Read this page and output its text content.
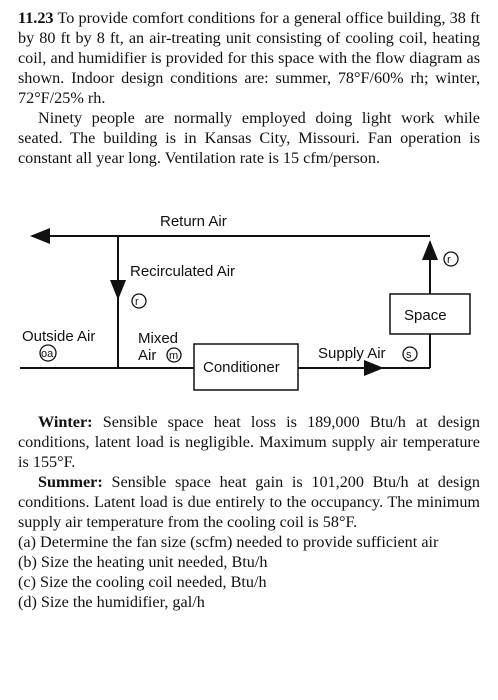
11.23 To provide comfort conditions for a general office building, 38 ft by 80 ft by 8 ft, an air-treating unit consisting of cooling coil, heating coil, and humidifier is provided for this space with the flow diagram as shown. Indoor design conditions are: summer, 78°F/60% rh; winter, 72°F/25% rh.

Ninety people are normally employed doing light work while seated. The building is in Kansas City, Missouri. Fan operation is constant all year long. Ventilation rate is 15 cfm/person.

Return Air
r
Space
Recirculated Air
r
Outside Air
oa
Mixed
Air m
Conditioner
Supply Air s

Winter: Sensible space heat loss is 189,000 Btu/h at design conditions, latent load is negligible. Maximum supply air temperature is 155°F.

Summer: Sensible space heat gain is 101,200 Btu/h at design conditions. Latent load is due entirely to the occupancy. The minimum supply air temperature from the cooling coil is 58°F.

(a) Determine the fan size (scfm) needed to provide sufficient air

(b) Size the heating unit needed, Btu/h

(c) Size the cooling coil needed, Btu/h

(d) Size the humidifier, gal/h
